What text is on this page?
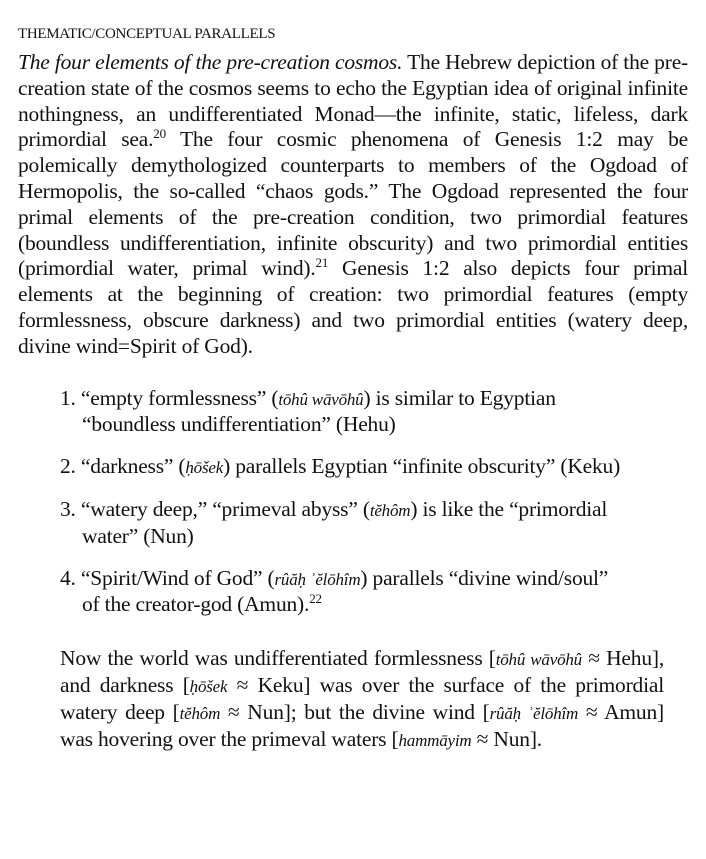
THEMATIC/CONCEPTUAL PARALLELS

The four elements of the pre-creation cosmos. The Hebrew depiction of the pre-creation state of the cosmos seems to echo the Egyptian idea of original infinite nothingness, an undifferentiated Monad—the infinite, static, lifeless, dark primordial sea.$^{20}$ The four cosmic phenomena of Genesis 1:2 may be polemically demythologized counterparts to members of the Ogdoad of Hermopolis, the so-called “chaos gods.” The Ogdoad represented the four primal elements of the pre-creation condition, two primordial features (boundless undifferentiation, infinite obscurity) and two primordial entities (primordial water, primal wind).$^{21}$ Genesis 1:2 also depicts four primal elements at the beginning of creation: two primordial features (empty formlessness, obscure darkness) and two primordial entities (watery deep, divine wind=Spirit of God).

1. “empty formlessness” (tōhû wāvōhû) is similar to Egyptian “boundless undifferentiation” (Hehu)

2. “darkness” (ḥōšek) parallels Egyptian “infinite obscurity” (Keku)

3. “watery deep,” “primeval abyss” (tĕhôm) is like the “primordial water” (Nun)

4. “Spirit/Wind of God” (rûăḥ ʾĕlōhîm) parallels “divine wind/soul” of the creator-god (Amun).$^{22}$

Now the world was undifferentiated formlessness [tōhû wāvōhû ≈ Hehu], and darkness [ḥōšek ≈ Keku] was over the surface of the primordial watery deep [tĕhôm ≈ Nun]; but the divine wind [rûăḥ ʾĕlōhîm ≈ Amun] was hovering over the primeval waters [hammāyim ≈ Nun].
